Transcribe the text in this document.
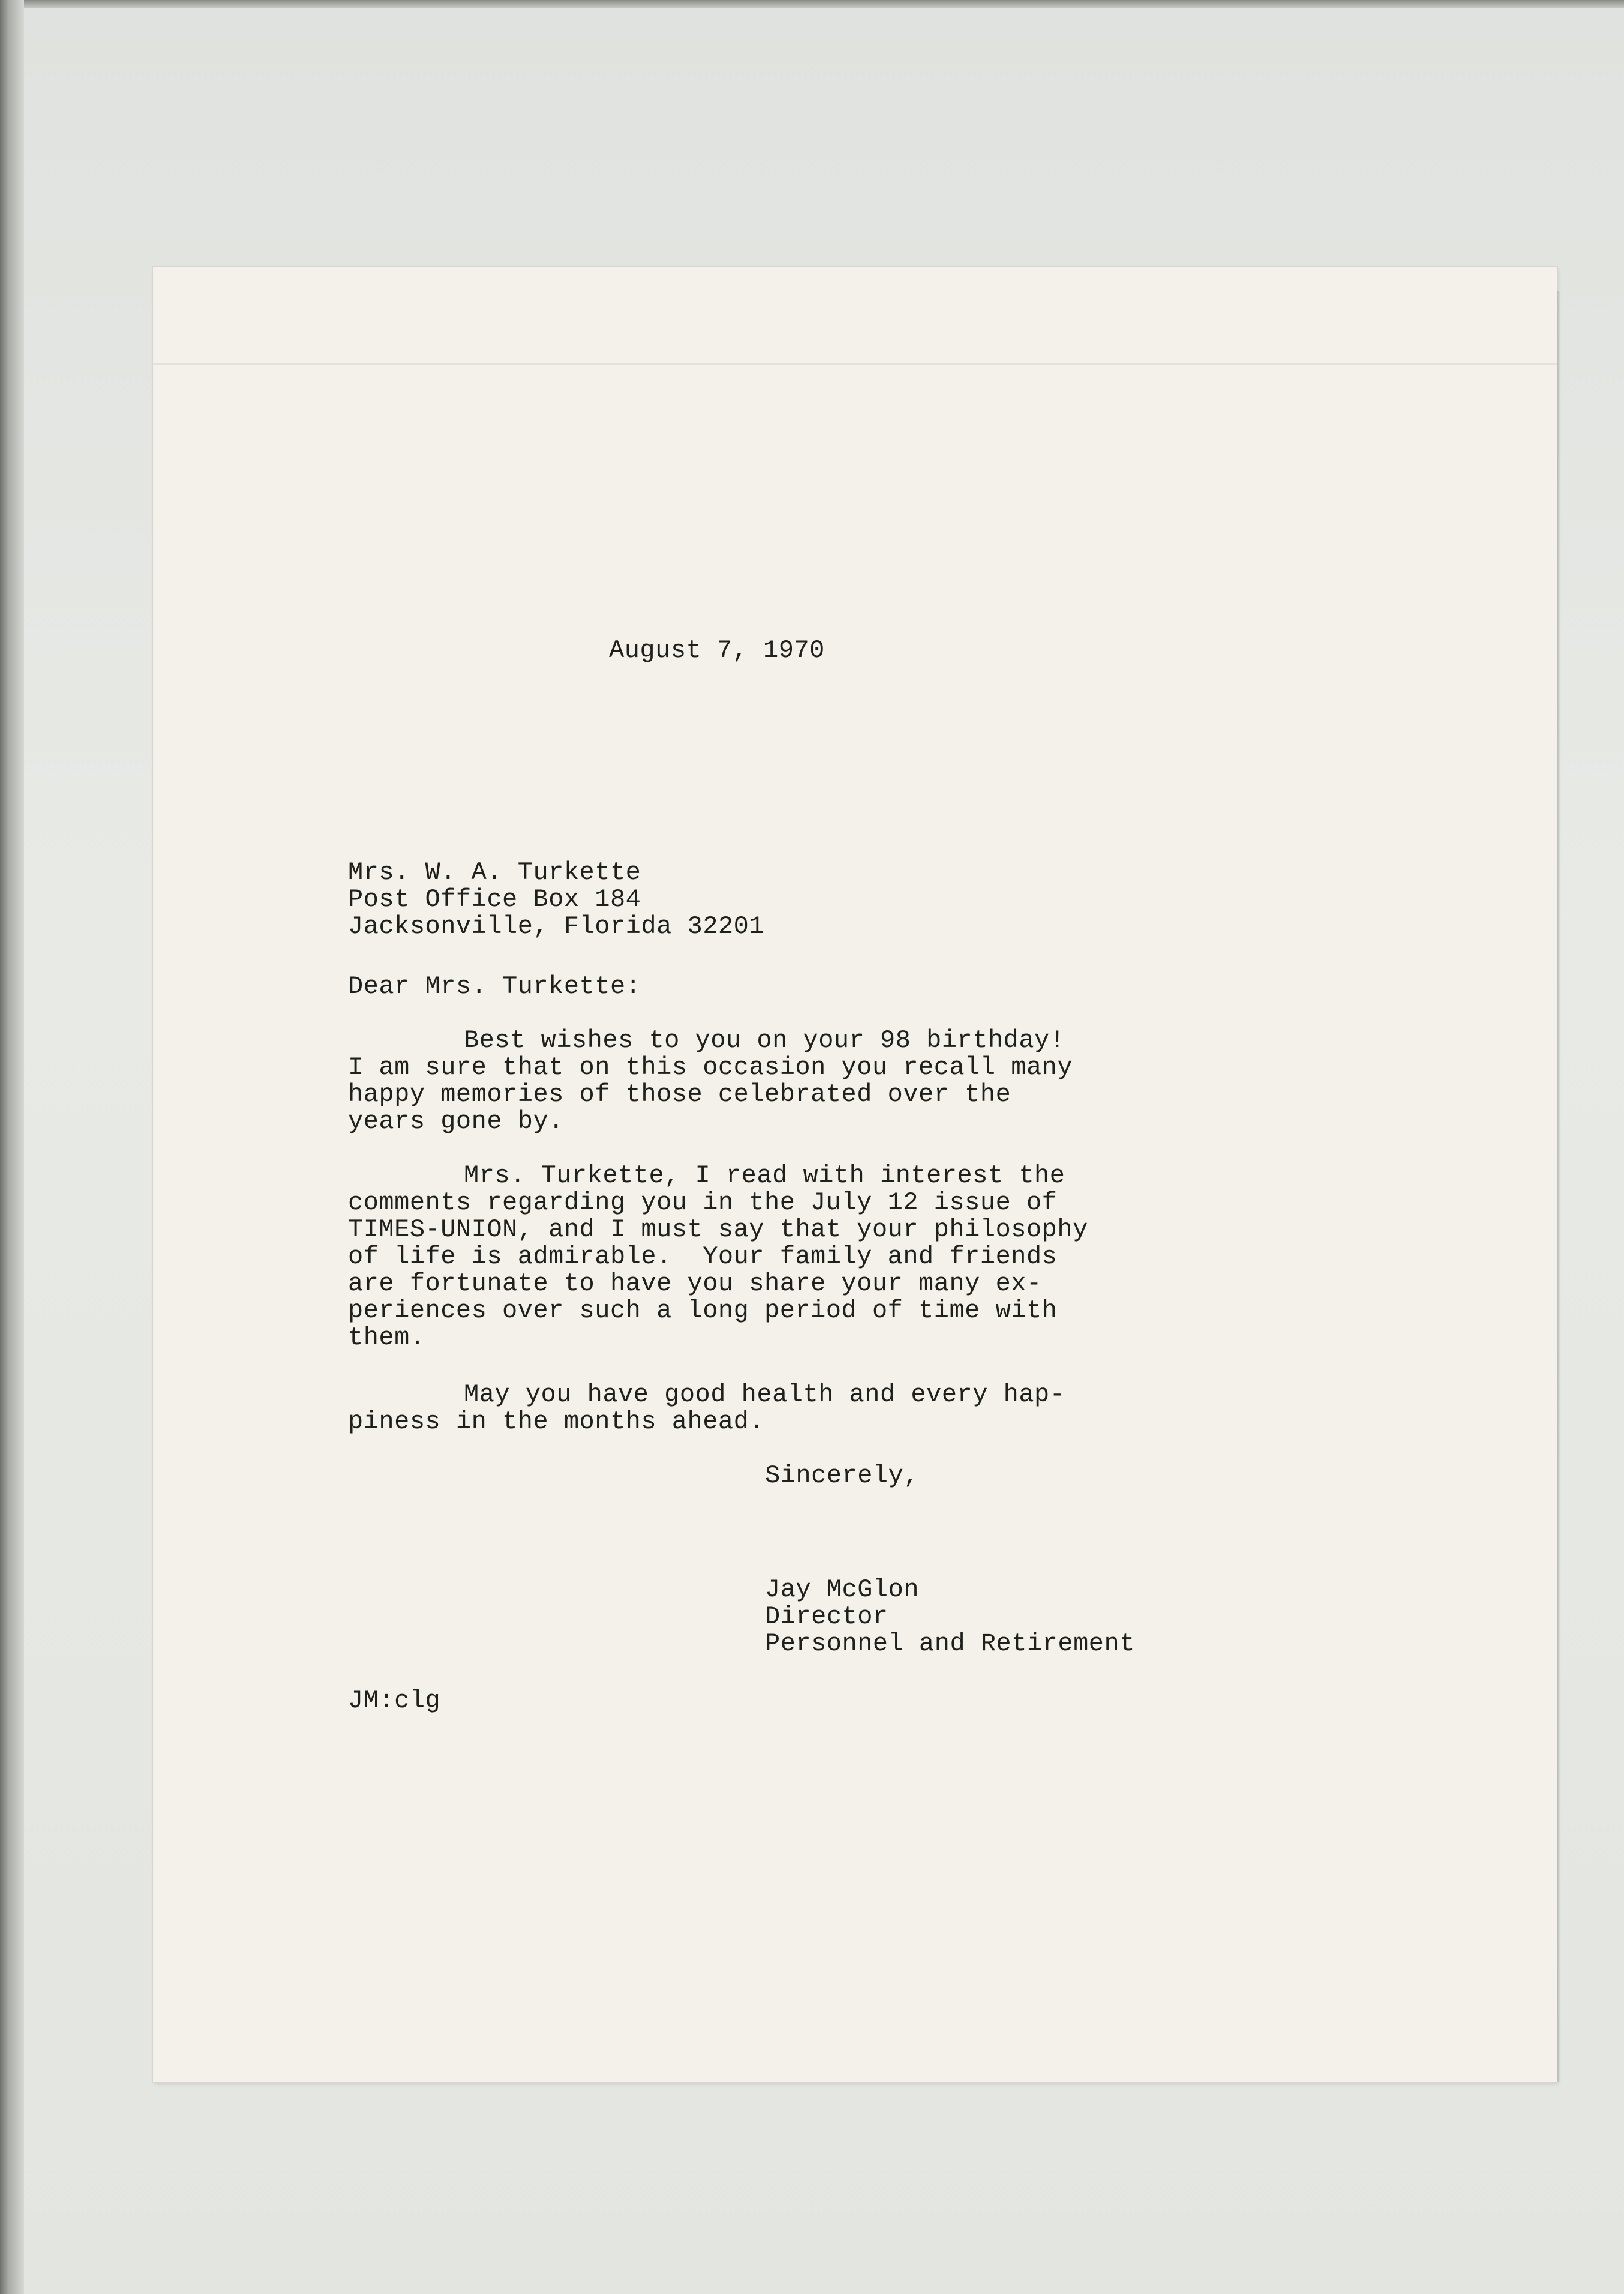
August 7, 1970

Mrs. W. A. Turkette

Post Office Box 184

Jacksonville, Florida 32201

Dear Mrs. Turkette:

Best wishes to you on your 98 birthday!

I am sure that on this occasion you recall many

happy memories of those celebrated over the

years gone by.

Mrs. Turkette, I read with interest the

comments regarding you in the July 12 issue of

TIMES-UNION, and I must say that your philosophy

of life is admirable.  Your family and friends

are fortunate to have you share your many ex-

periences over such a long period of time with

them.

May you have good health and every hap-

piness in the months ahead.

Sincerely,

Jay McGlon

Director

Personnel and Retirement

JM:clg
